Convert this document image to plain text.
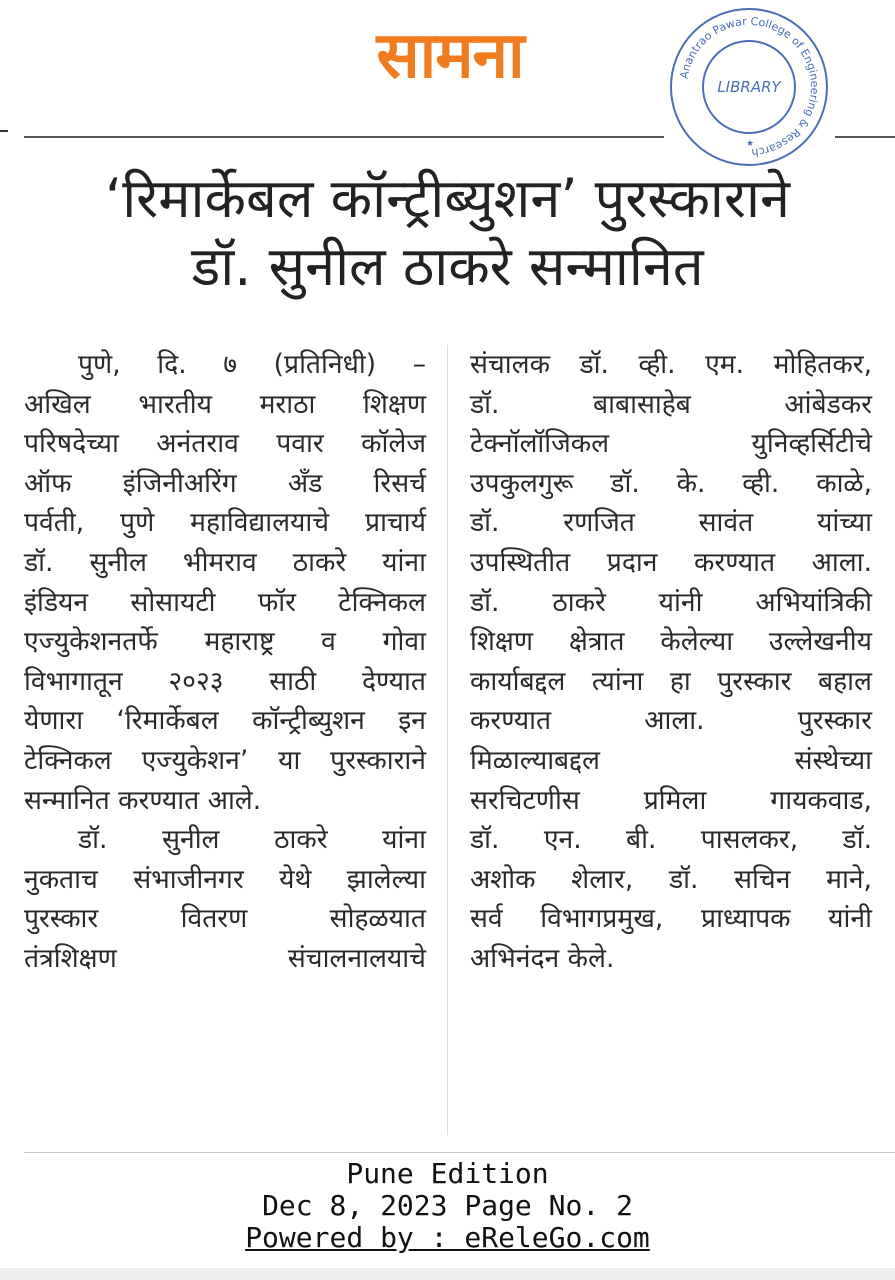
सामना	Anantrao Pawar College of Engineering & Research
LIBRARY
★
‘रिमार्केबल कॉन्ट्रीब्युशन’ पुरस्काराने
डॉ. सुनील ठाकरे सन्मानित
पुणे, दि. ७ (प्रतिनिधी) –
अखिल भारतीय मराठा शिक्षण
परिषदेच्या अनंतराव पवार कॉलेज
ऑफ इंजिनीअरिंग अँड रिसर्च
पर्वती, पुणे महाविद्यालयाचे प्राचार्य
डॉ. सुनील भीमराव ठाकरे यांना
इंडियन सोसायटी फॉर टेक्निकल
एज्युकेशनतर्फे महाराष्ट्र व गोवा
विभागातून २०२३ साठी देण्यात
येणारा ‘रिमार्केबल कॉन्ट्रीब्युशन इन
टेक्निकल एज्युकेशन’ या पुरस्काराने
सन्मानित करण्यात आले.
डॉ. सुनील ठाकरे यांना
नुकताच संभाजीनगर येथे झालेल्या
पुरस्कार वितरण सोहळयात
तंत्रशिक्षण संचालनालयाचे
संचालक डॉ. व्ही. एम. मोहितकर,
डॉ. बाबासाहेब आंबेडकर
टेक्नॉलॉजिकल युनिव्हर्सिटीचे
उपकुलगुरू डॉ. के. व्ही. काळे,
डॉ. रणजित सावंत यांच्या
उपस्थितीत प्रदान करण्यात आला.
डॉ. ठाकरे यांनी अभियांत्रिकी
शिक्षण क्षेत्रात केलेल्या उल्लेखनीय
कार्याबद्दल त्यांना हा पुरस्कार बहाल
करण्यात आला. पुरस्कार
मिळाल्याबद्दल संस्थेच्या
सरचिटणीस प्रमिला गायकवाड,
डॉ. एन. बी. पासलकर, डॉ.
अशोक शेलार, डॉ. सचिन माने,
सर्व विभागप्रमुख, प्राध्यापक यांनी
अभिनंदन केले.
Pune Edition
Dec 8, 2023 Page No. 2
Powered by : eReleGo.com
